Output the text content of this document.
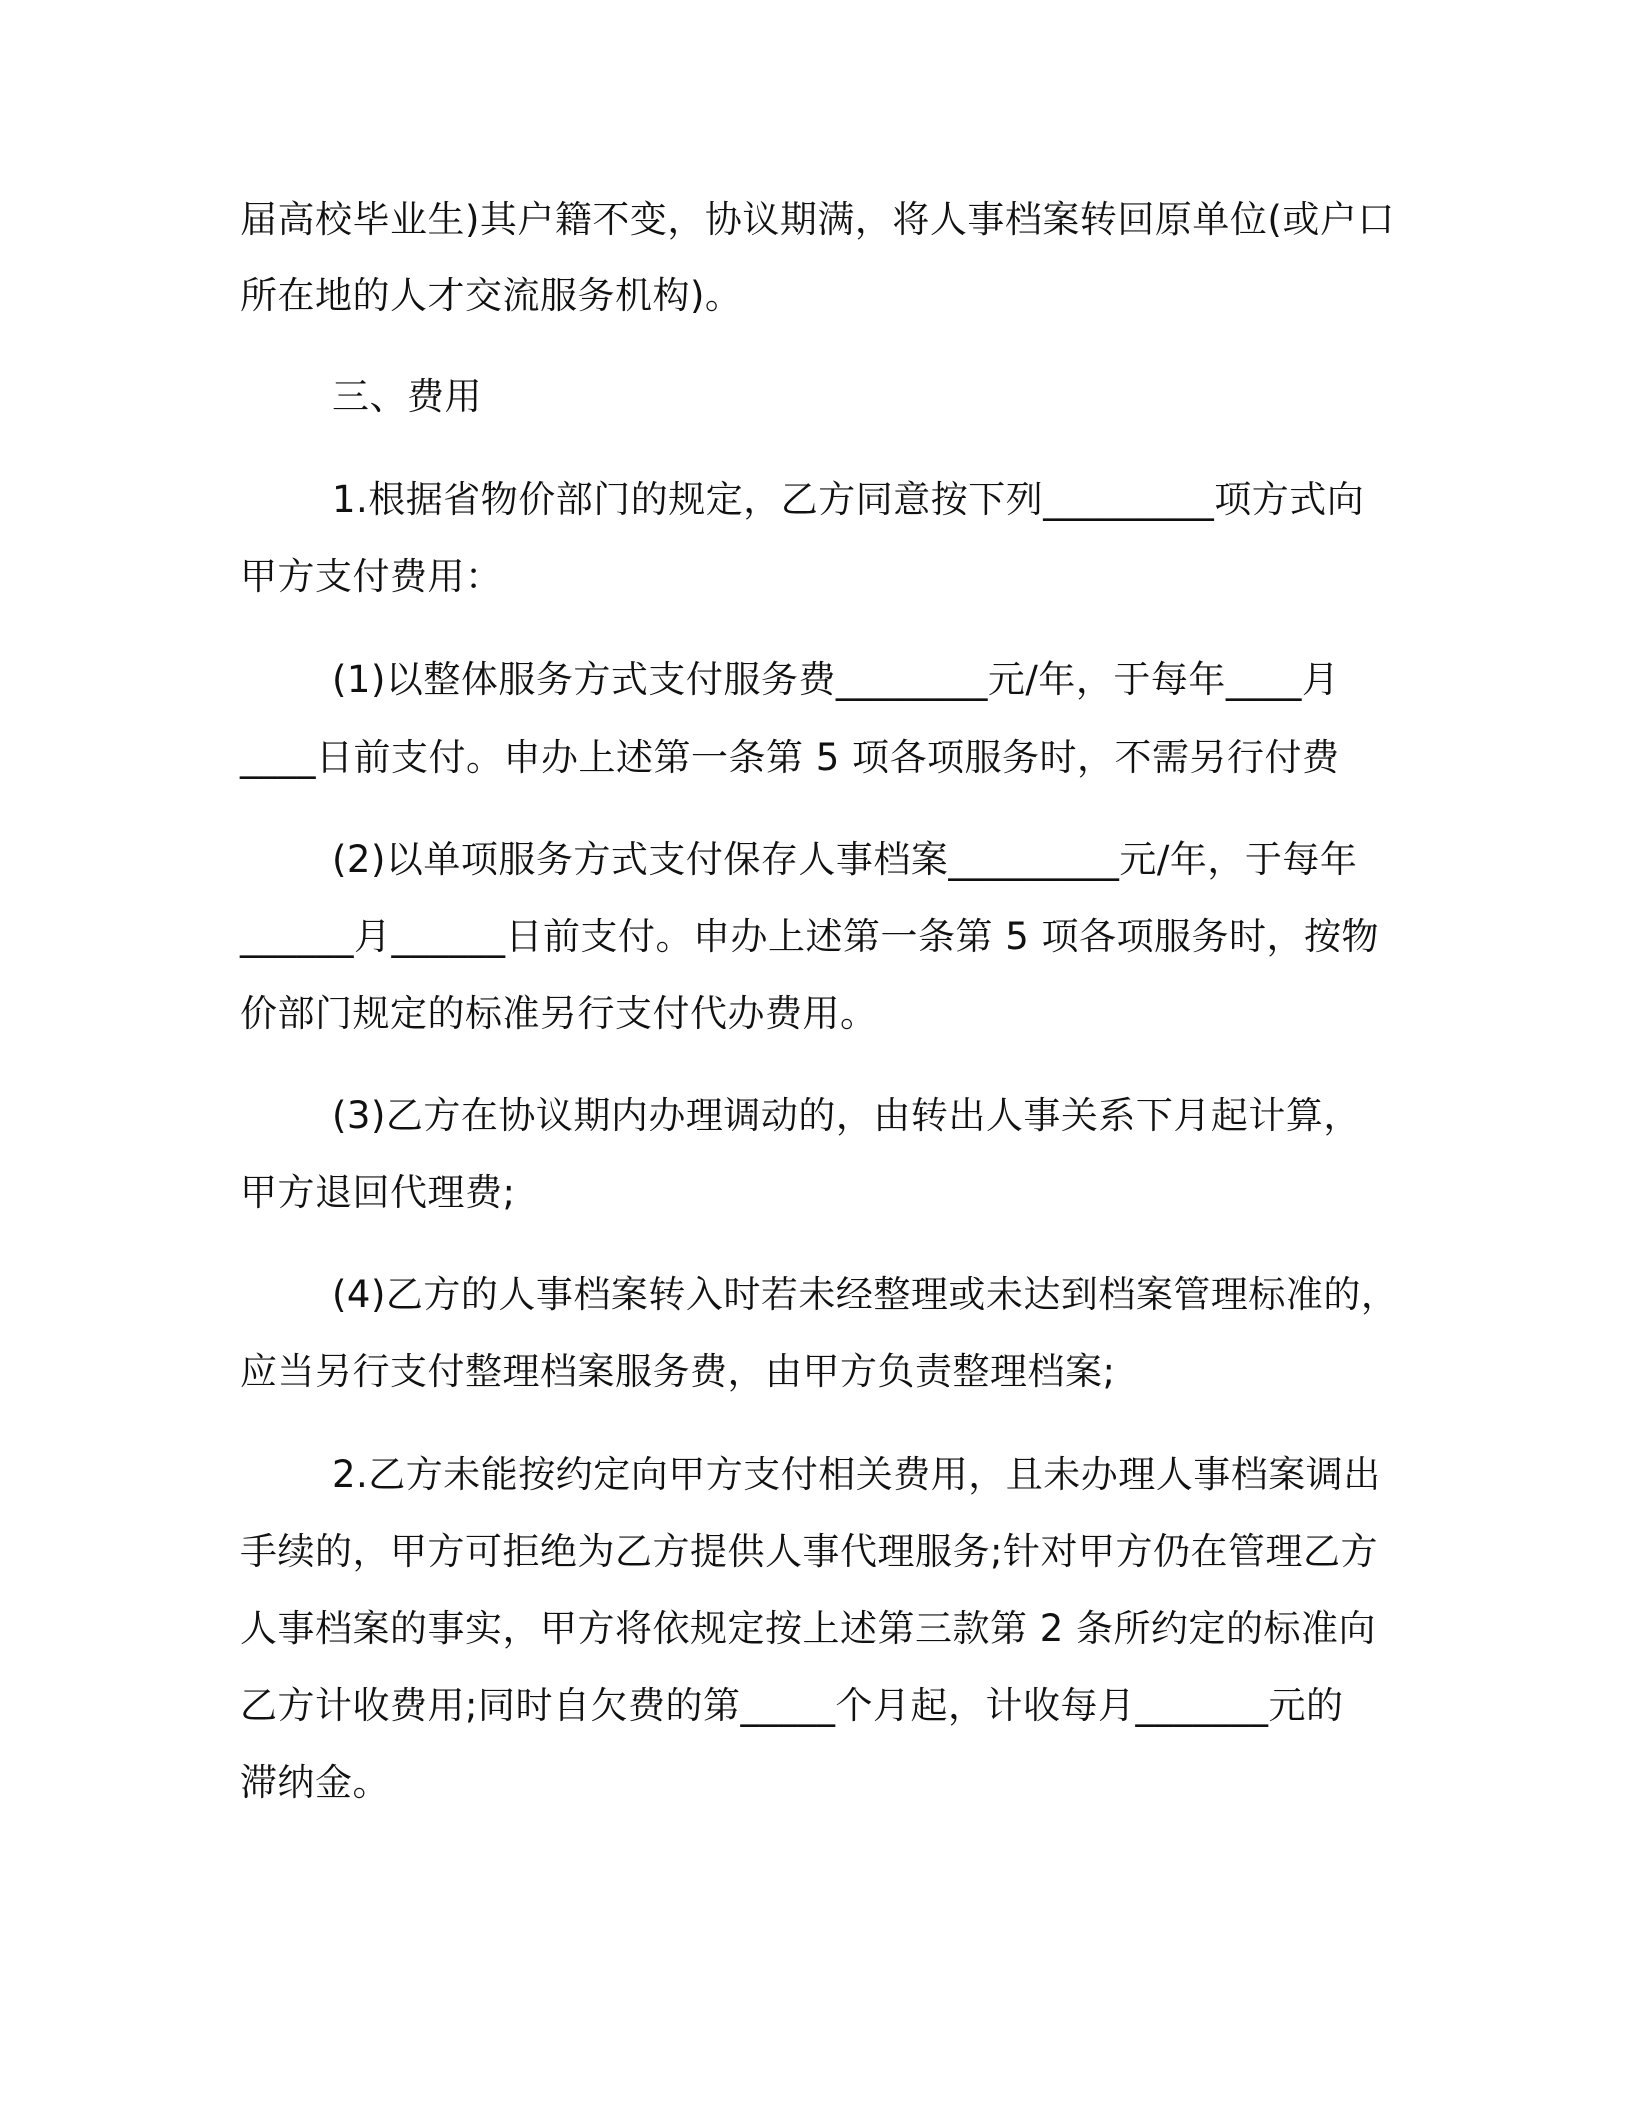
届高校毕业生)其户籍不变，协议期满，将人事档案转回原单位(或户口
所在地的人才交流服务机构)。
三、费用
1.根据省物价部门的规定，乙方同意按下列_________项方式向
甲方支付费用：
(1)以整体服务方式支付服务费________元/年，于每年____月
____日前支付。申办上述第一条第 5 项各项服务时，不需另行付费
(2)以单项服务方式支付保存人事档案_________元/年，于每年
______月______日前支付。申办上述第一条第 5 项各项服务时，按物
价部门规定的标准另行支付代办费用。
(3)乙方在协议期内办理调动的，由转出人事关系下月起计算，
甲方退回代理费;
(4)乙方的人事档案转入时若未经整理或未达到档案管理标准的，
应当另行支付整理档案服务费，由甲方负责整理档案;
2.乙方未能按约定向甲方支付相关费用，且未办理人事档案调出
手续的，甲方可拒绝为乙方提供人事代理服务;针对甲方仍在管理乙方
人事档案的事实，甲方将依规定按上述第三款第 2 条所约定的标准向
乙方计收费用;同时自欠费的第_____个月起，计收每月_______元的
滞纳金。
